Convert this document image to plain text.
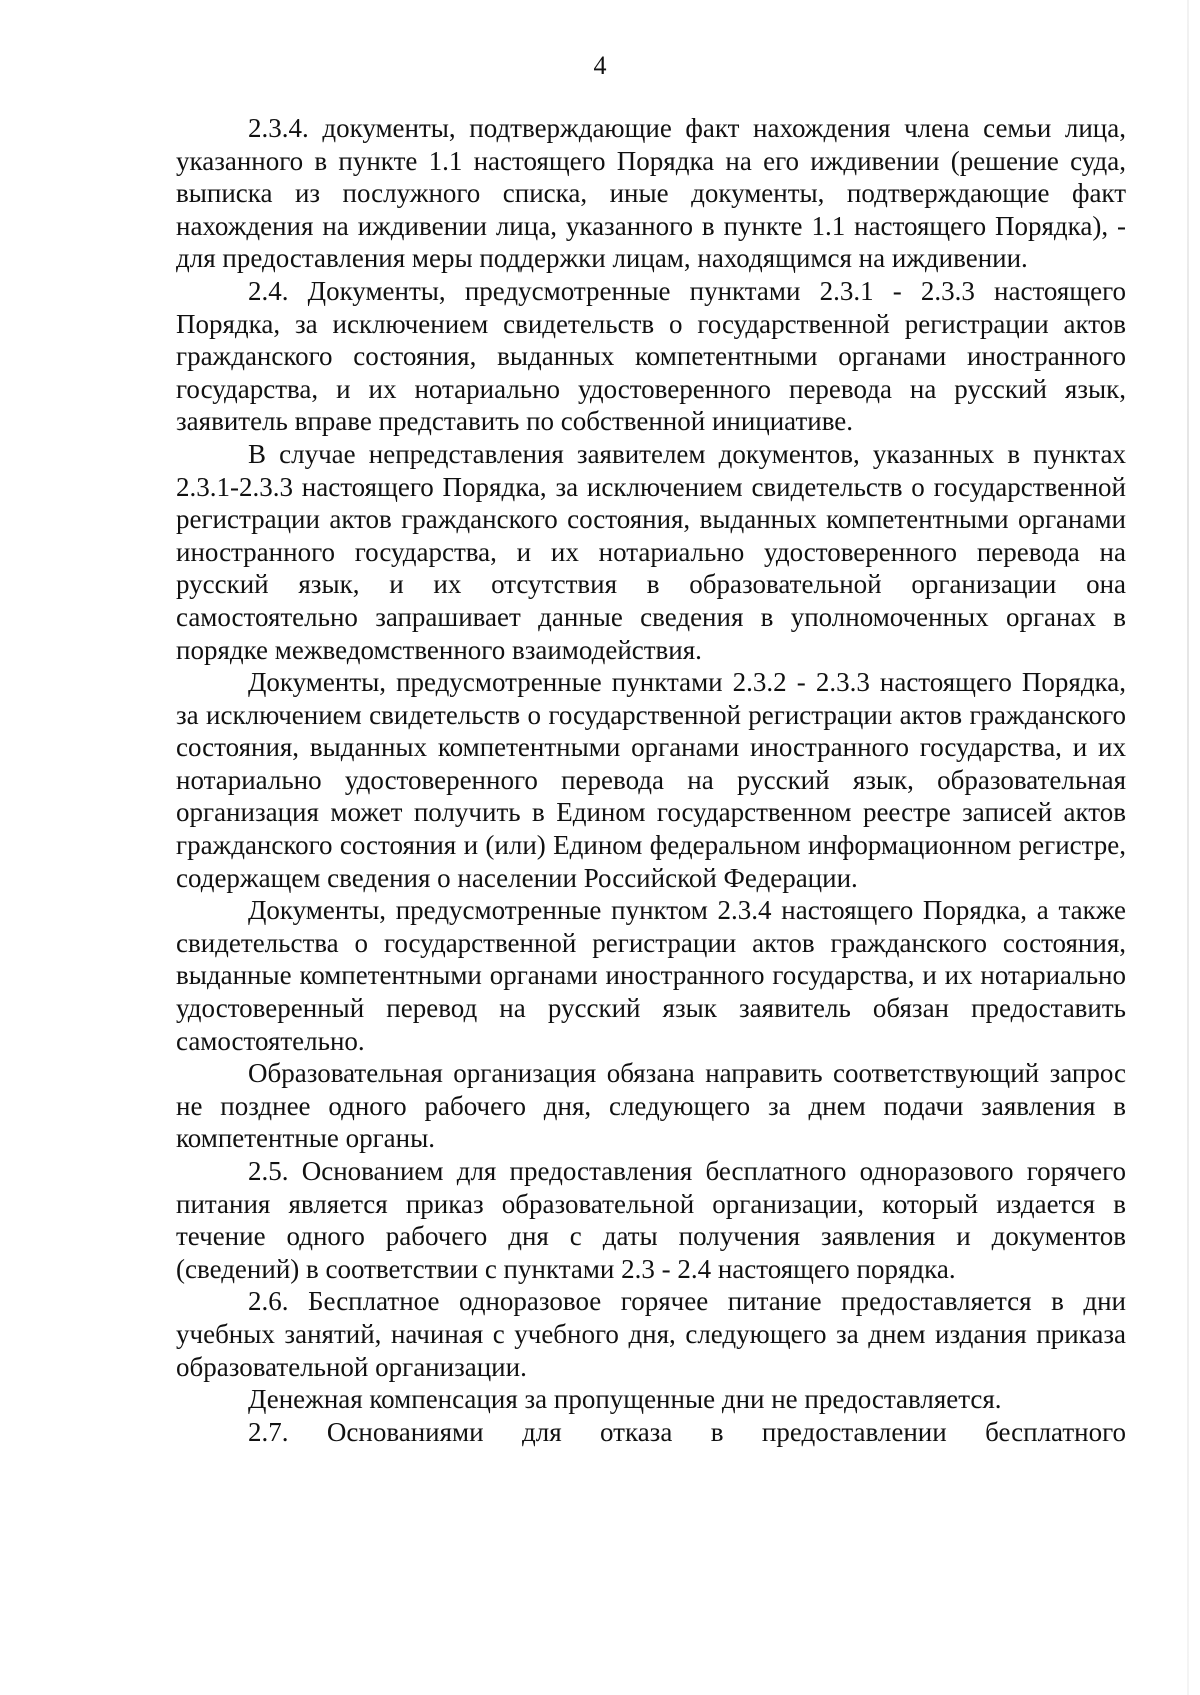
4

2.3.4. документы, подтверждающие факт нахождения члена семьи лица, указанного в пункте 1.1 настоящего Порядка на его иждивении (решение суда, выписка из послужного списка, иные документы, подтверждающие факт нахождения на иждивении лица, указанного в пункте 1.1 настоящего Порядка), - для предоставления меры поддержки лицам, находящимся на иждивении.

2.4. Документы, предусмотренные пунктами 2.3.1 - 2.3.3 настоящего Порядка, за исключением свидетельств о государственной регистрации актов гражданского состояния, выданных компетентными органами иностранного государства, и их нотариально удостоверенного перевода на русский язык, заявитель вправе представить по собственной инициативе.

В случае непредставления заявителем документов, указанных в пунктах 2.3.1-2.3.3 настоящего Порядка, за исключением свидетельств о государственной регистрации актов гражданского состояния, выданных компетентными органами иностранного государства, и их нотариально удостоверенного перевода на русский язык, и их отсутствия в образовательной организации она самостоятельно запрашивает данные сведения в уполномоченных органах в порядке межведомственного взаимодействия.

Документы, предусмотренные пунктами 2.3.2 - 2.3.3 настоящего Порядка, за исключением свидетельств о государственной регистрации актов гражданского состояния, выданных компетентными органами иностранного государства, и их нотариально удостоверенного перевода на русский язык, образовательная организация может получить в Едином государственном реестре записей актов гражданского состояния и (или) Едином федеральном информационном регистре, содержащем сведения о населении Российской Федерации.

Документы, предусмотренные пунктом 2.3.4 настоящего Порядка, а также свидетельства о государственной регистрации актов гражданского состояния, выданные компетентными органами иностранного государства, и их нотариально удостоверенный перевод на русский язык заявитель обязан предоставить самостоятельно.

Образовательная организация обязана направить соответствующий запрос не позднее одного рабочего дня, следующего за днем подачи заявления в компетентные органы.

2.5. Основанием для предоставления бесплатного одноразового горячего питания является приказ образовательной организации, который издается в течение одного рабочего дня с даты получения заявления и документов (сведений) в соответствии с пунктами 2.3 - 2.4 настоящего порядка.

2.6. Бесплатное одноразовое горячее питание предоставляется в дни учебных занятий, начиная с учебного дня, следующего за днем издания приказа образовательной организации.

Денежная компенсация за пропущенные дни не предоставляется.

2.7. Основаниями для отказа в предоставлении бесплатного
